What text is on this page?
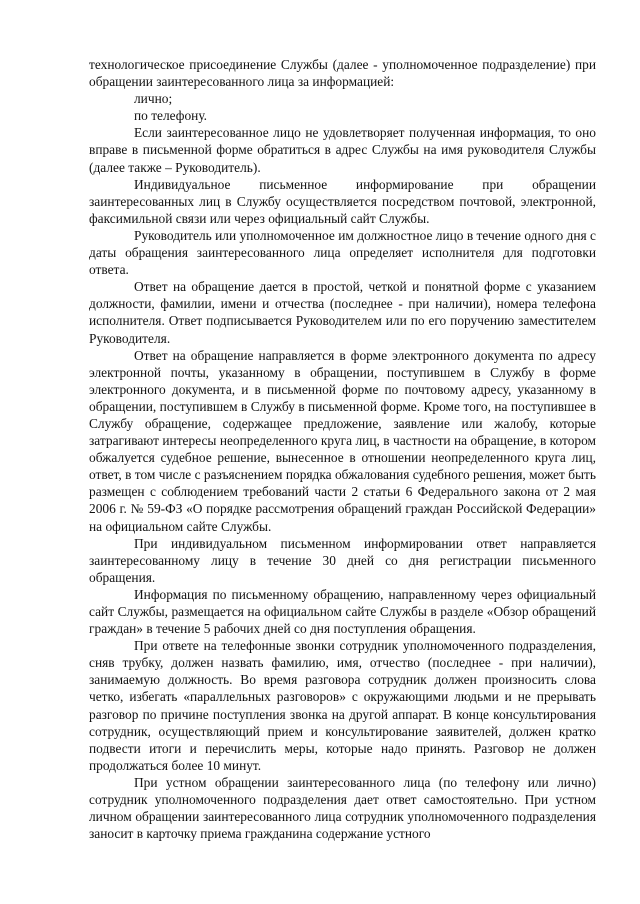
технологическое присоединение Службы (далее - уполномоченное подразделение) при обращении заинтересованного лица за информацией:

лично;

по телефону.

Если заинтересованное лицо не удовлетворяет полученная информация, то оно вправе в письменной форме обратиться в адрес Службы на имя руководителя Службы (далее также – Руководитель).

Индивидуальное письменное информирование при обращении заинтересованных лиц в Службу осуществляется посредством почтовой, электронной, факсимильной связи или через официальный сайт Службы.

Руководитель или уполномоченное им должностное лицо в течение одного дня с даты обращения заинтересованного лица определяет исполнителя для подготовки ответа.

Ответ на обращение дается в простой, четкой и понятной форме с указанием должности, фамилии, имени и отчества (последнее - при наличии), номера телефона исполнителя. Ответ подписывается Руководителем или по его поручению заместителем Руководителя.

Ответ на обращение направляется в форме электронного документа по адресу электронной почты, указанному в обращении, поступившем в Службу в форме электронного документа, и в письменной форме по почтовому адресу, указанному в обращении, поступившем в Службу в письменной форме. Кроме того, на поступившее в Службу обращение, содержащее предложение, заявление или жалобу, которые затрагивают интересы неопределенного круга лиц, в частности на обращение, в котором обжалуется судебное решение, вынесенное в отношении неопределенного круга лиц, ответ, в том числе с разъяснением порядка обжалования судебного решения, может быть размещен с соблюдением требований части 2 статьи 6 Федерального закона от 2 мая 2006 г. № 59-ФЗ «О порядке рассмотрения обращений граждан Российской Федерации» на официальном сайте Службы.

При индивидуальном письменном информировании ответ направляется заинтересованному лицу в течение 30 дней со дня регистрации письменного обращения.

Информация по письменному обращению, направленному через официальный сайт Службы, размещается на официальном сайте Службы в разделе «Обзор обращений граждан» в течение 5 рабочих дней со дня поступления обращения.

При ответе на телефонные звонки сотрудник уполномоченного подразделения, сняв трубку, должен назвать фамилию, имя, отчество (последнее - при наличии), занимаемую должность. Во время разговора сотрудник должен произносить слова четко, избегать «параллельных разговоров» с окружающими людьми и не прерывать разговор по причине поступления звонка на другой аппарат. В конце консультирования сотрудник, осуществляющий прием и консультирование заявителей, должен кратко подвести итоги и перечислить меры, которые надо принять. Разговор не должен продолжаться более 10 минут.

При устном обращении заинтересованного лица (по телефону или лично) сотрудник уполномоченного подразделения дает ответ самостоятельно. При устном личном обращении заинтересованного лица сотрудник уполномоченного подразделения заносит в карточку приема гражданина содержание устного
